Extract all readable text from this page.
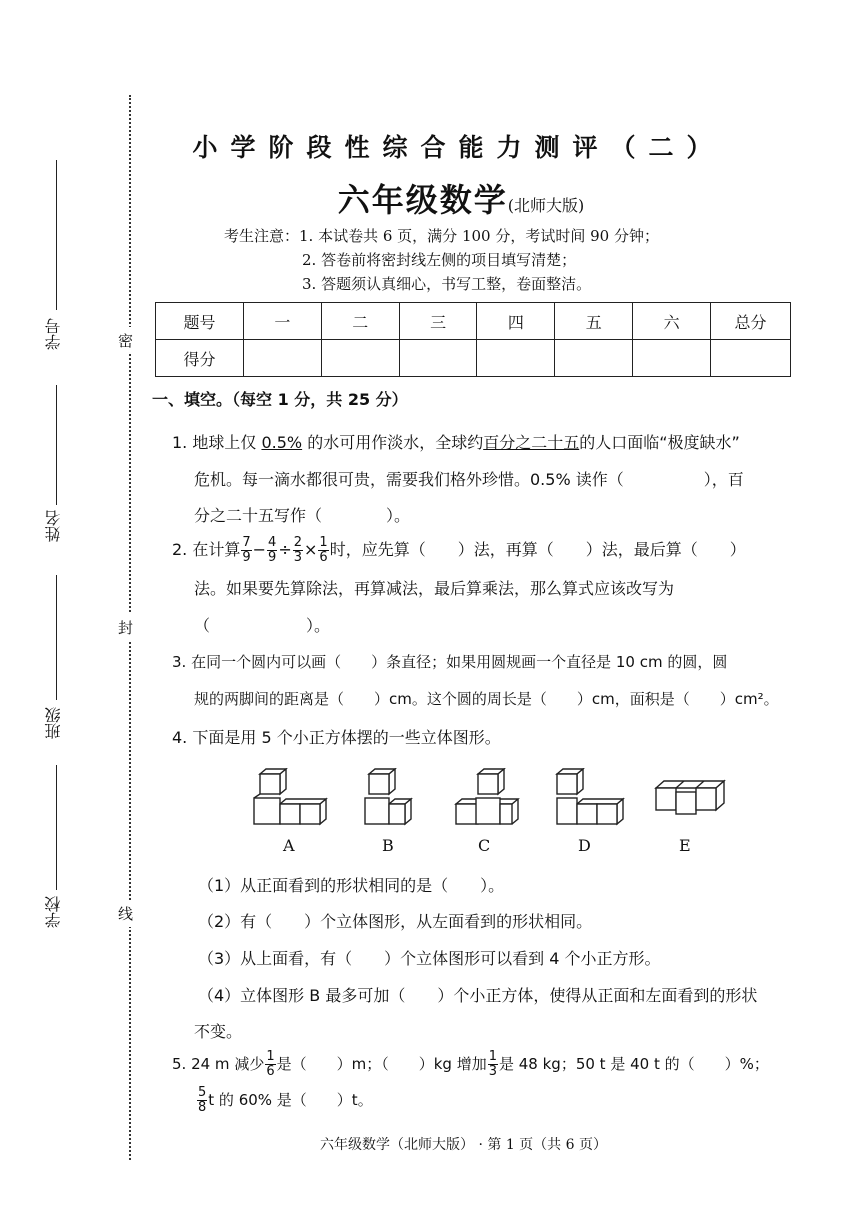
密
封
线
学号
姓名
班级
学校
小学阶段性综合能力测评（二）
六年级数学(北师大版)
考生注意：1. 本试卷共 6 页，满分 100 分，考试时间 90 分钟；
2. 答卷前将密封线左侧的项目填写清楚；
3. 答题须认真细心，书写工整，卷面整洁。
题号	一	二	三	四	五	六	总分
得分							
一、填空。（每空 1 分，共 25 分）
1. 地球上仅 0.5% 的水可用作淡水，全球约百分之二十五的人口面临“极度缺水”
危机。每一滴水都很可贵，需要我们格外珍惜。0.5% 读作（　　　　　），百
分之二十五写作（　　　　）。
2. 在计算 $\frac{7}{9} - \frac{4}{9} \div \frac{2}{3} \times \frac{1}{6}$ 时，应先算（　　）法，再算（　　）法，最后算（　　）
法。如果要先算除法，再算减法，最后算乘法，那么算式应该改写为
（　　　　　　）。
3. 在同一个圆内可以画（　　）条直径；如果用圆规画一个直径是 10 cm 的圆，圆
规的两脚间的距离是（　　）cm。这个圆的周长是（　　）cm，面积是（　　）cm²。
4. 下面是用 5 个小正方体摆的一些立体图形。
A	B	C	D	E
（1）从正面看到的形状相同的是（　　）。
（2）有（　　）个立体图形，从左面看到的形状相同。
（3）从上面看，有（　　）个立体图形可以看到 4 个小正方形。
（4）立体图形 B 最多可加（　　）个小正方体，使得从正面和左面看到的形状
不变。
5. 24 m 减少 $\frac{1}{6}$ 是（　　）m；（　　）kg 增加 $\frac{1}{3}$ 是 48 kg；50 t 是 40 t 的（　　）%；
$\frac{5}{8}$ t 的 60% 是（　　）t。
六年级数学（北师大版） · 第 1 页（共 6 页）
